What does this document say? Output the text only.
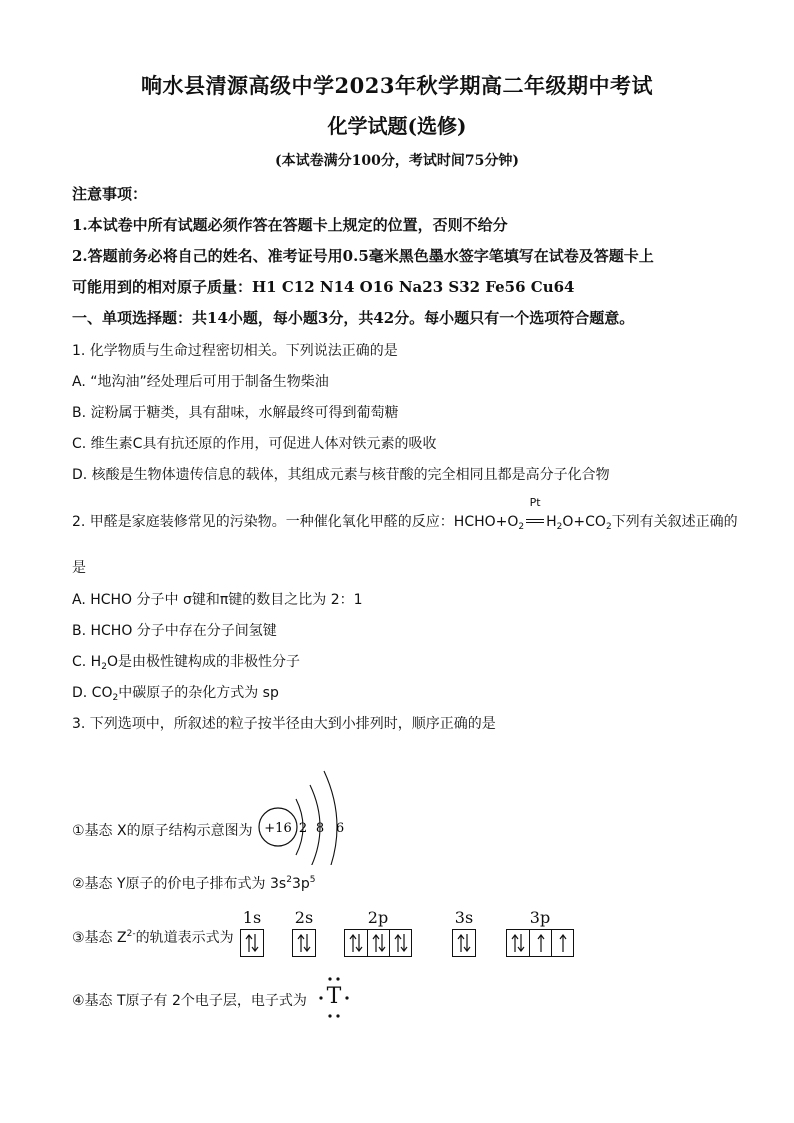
响水县清源高级中学2023年秋学期高二年级期中考试
化学试题(选修)
(本试卷满分100分，考试时间75分钟)
注意事项：
1.本试卷中所有试题必须作答在答题卡上规定的位置，否则不给分
2.答题前务必将自己的姓名、准考证号用0.5毫米黑色墨水签字笔填写在试卷及答题卡上
可能用到的相对原子质量：H1 C12 N14 O16 Na23 S32 Fe56 Cu64
一、单项选择题：共14小题，每小题3分，共42分。每小题只有一个选项符合题意。
1. 化学物质与生命过程密切相关。下列说法正确的是
A. “地沟油”经处理后可用于制备生物柴油
B. 淀粉属于糖类，具有甜味，水解最终可得到葡萄糖
C. 维生素C具有抗还原的作用，可促进人体对铁元素的吸收
D. 核酸是生物体遗传信息的载体，其组成元素与核苷酸的完全相同且都是高分子化合物
2. 甲醛是家庭装修常见的污染物。一种催化氧化甲醛的反应：$HCHO+O_2$
Pt
$H_2O+CO_2$下列有关叙述正确的
是
A. HCHO 分子中 σ键和π键的数目之比为 2：1
B. HCHO 分子中存在分子间氢键
C. $H_2O$是由极性键构成的非极性分子
D. $CO_2$中碳原子的杂化方式为 sp
3. 下列选项中，所叙述的粒子按半径由大到小排列时，顺序正确的是
①基态 X的原子结构示意图为 +16 2 8 6
②基态 Y原子的价电子排布式为 $3s^23p^5$
③基态 $Z^{2-}$的轨道表示式为
1s 2s	2p	3s	3p
④基态 T原子有 2个电子层，电子式为 T
